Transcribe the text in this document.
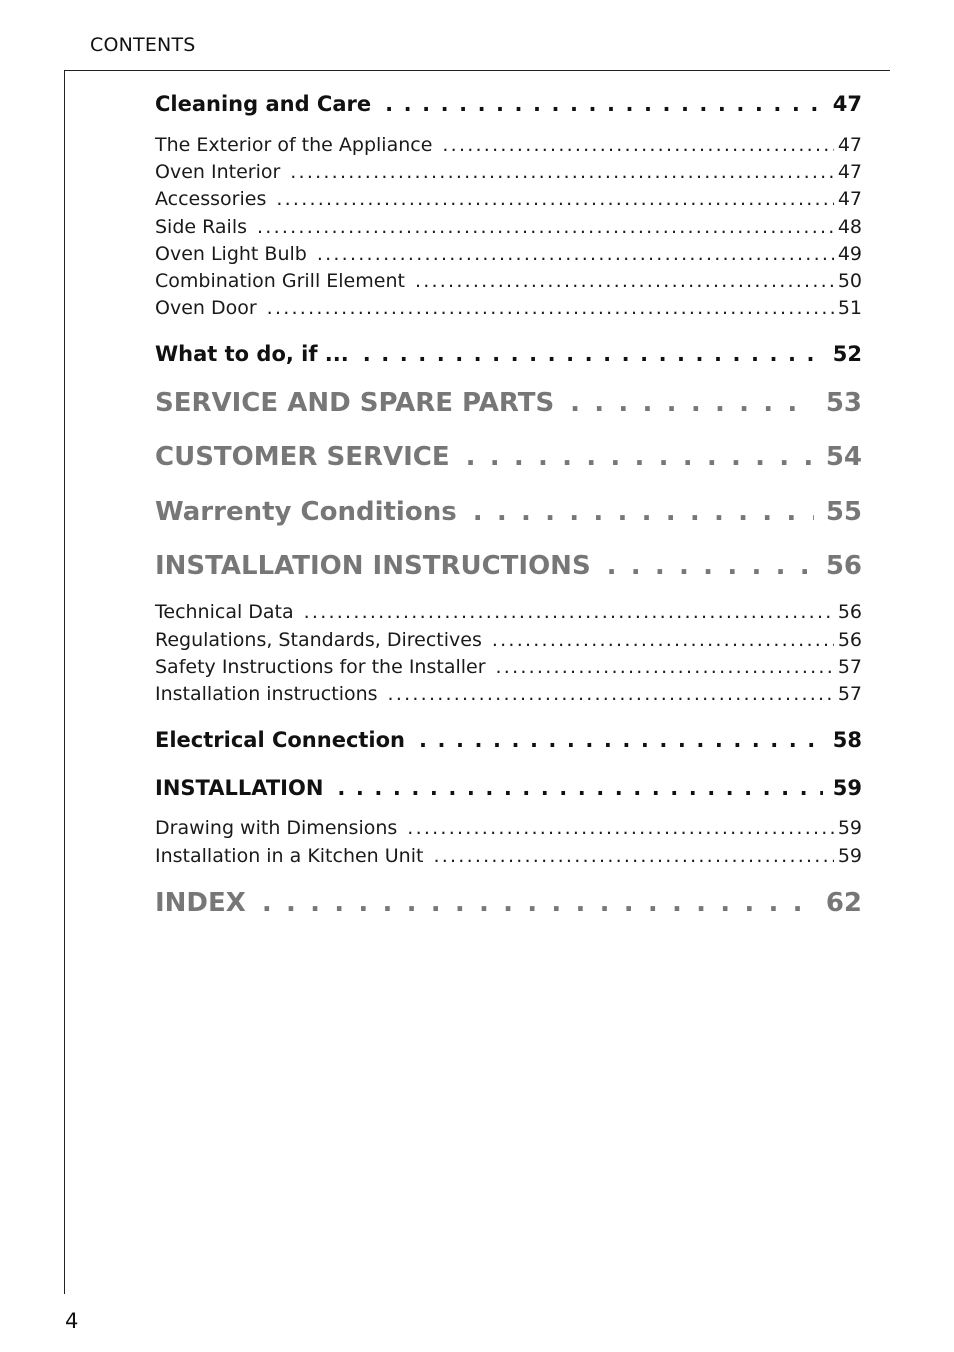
CONTENTS
Cleaning and Care . . .	47
The Exterior of the Appliance . . .	47
Oven Interior . . .	47
Accessories . . .	47
Side Rails . . .	48
Oven Light Bulb . . .	49
Combination Grill Element . . .	50
Oven Door . . .	51
What to do, if ... . . .	52
SERVICE AND SPARE PARTS . . .	53
CUSTOMER SERVICE . . .	54
Warrenty Conditions . . .	55
INSTALLATION INSTRUCTIONS . . .	56
Technical Data . . .	56
Regulations, Standards, Directives . . .	56
Safety Instructions for the Installer . . .	57
Installation instructions . . .	57
Electrical Connection . . .	58
INSTALLATION . . .	59
Drawing with Dimensions . . .	59
Installation in a Kitchen Unit . . .	59
INDEX . . .	62
4
